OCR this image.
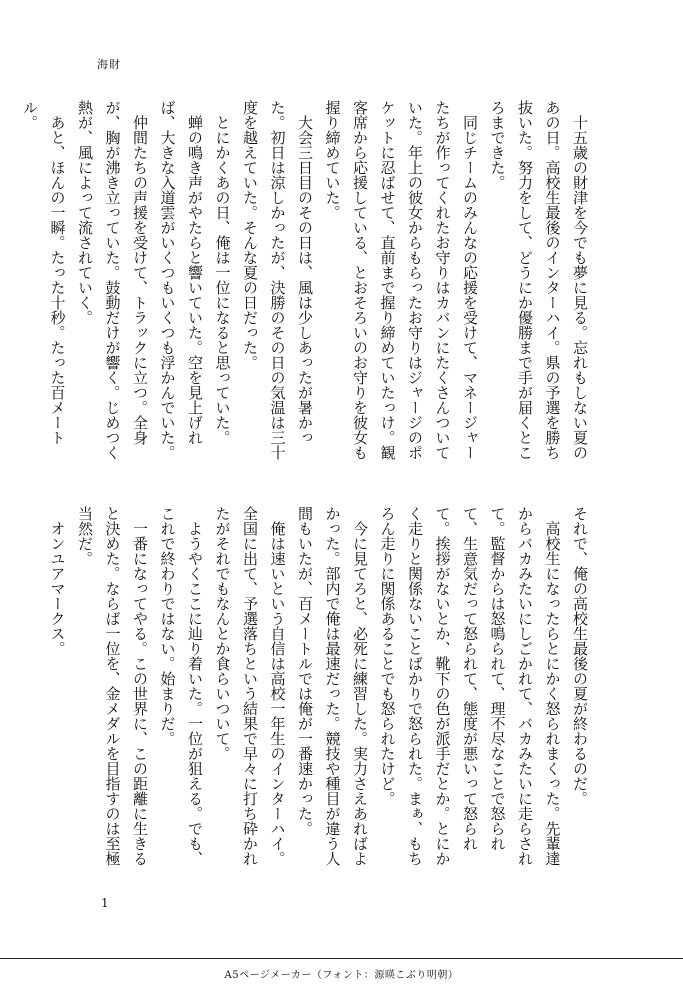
海財

十五歳の財津を今でも夢に見る。忘れもしない夏のあの日。高校生最後のインターハイ。県の予選を勝ち抜いた。努力をして、どうにか優勝まで手が届くところまできた。

同じチームのみんなの応援を受けて、マネージャーたちが作ってくれたお守りはカバンにたくさんついていた。年上の彼女からもらったお守りはジャージのポケットに忍ばせて、直前まで握り締めていたっけ。観客席から応援している、とおそろいのお守りを彼女も握り締めていた。

大会三日目のその日は、風は少しあったが暑かった。初日は涼しかったが、決勝のその日の気温は三十度を越えていた。そんな夏の日だった。

とにかくあの日、俺は一位になると思っていた。

蝉の鳴き声がやたらと響いていた。空を見上げれば、大きな入道雲がいくつもいくつも浮かんでいた。

仲間たちの声援を受けて、トラックに立つ。全身が、胸が沸き立っていた。鼓動だけが響く。じめつく熱が、風によって流されていく。

あと、ほんの一瞬。たった十秒。たった百メートル。

それで、俺の高校生最後の夏が終わるのだ。

高校生になったらとにかく怒られまくった。先輩達からバカみたいにしごかれて、バカみたいに走らされて。監督からは怒鳴られて、理不尽なことで怒られて、生意気だって怒られて、態度が悪いって怒られて。挨拶がないとか、靴下の色が派手だとか。とにかく走りと関係ないことばかりで怒られた。まぁ、もちろん走りに関係あることでも怒られたけど。

今に見てろと、必死に練習した。実力さえあればよかった。部内で俺は最速だった。競技や種目が違う人間もいたが、百メートルでは俺が一番速かった。

俺は速いという自信は高校一年生のインターハイ。全国に出て、予選落ちという結果で早々に打ち砕かれたがそれでもなんとか食らいついて。

ようやくここに辿り着いた。一位が狙える。でも、これで終わりではない。始まりだ。

一番になってやる。この世界に、この距離に生きると決めた。ならば一位を、金メダルを目指すのは至極当然だ。

オンユアマークス。

1
A5ページメーカー（フォント：源暎こぶり明朝）
